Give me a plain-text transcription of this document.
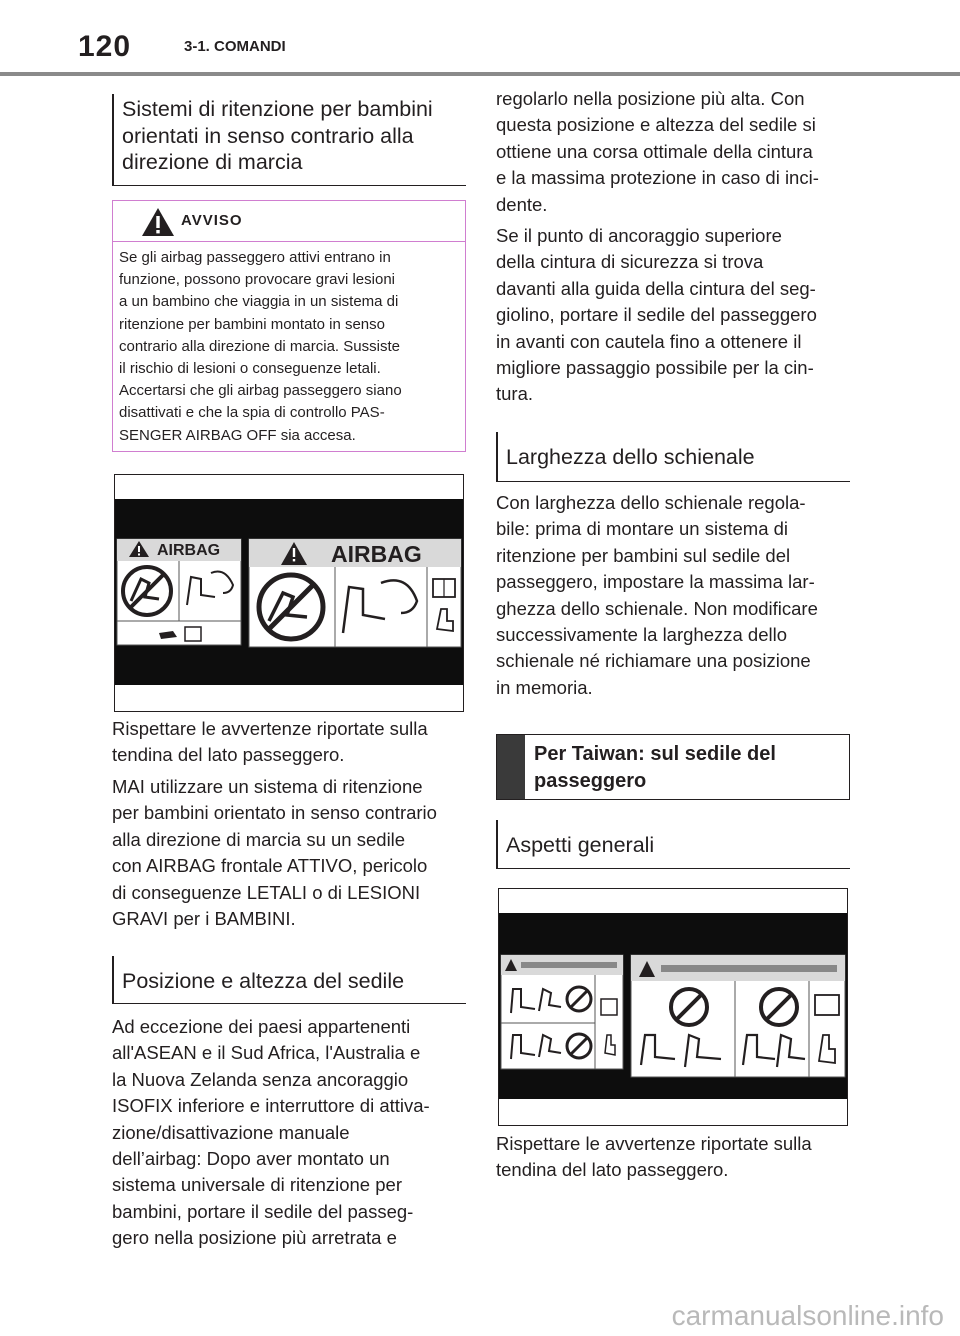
120	3-1. COMANDI
Sistemi di ritenzione per bambini
orientati in senso contrario alla
direzione di marcia
AVVISO
Se gli airbag passeggero attivi entrano in
funzione, possono provocare gravi lesioni
a un bambino che viaggia in un sistema di
ritenzione per bambini montato in senso
contrario alla direzione di marcia. Sussiste
il rischio di lesioni o conseguenze letali.
Accertarsi che gli airbag passeggero siano
disattivati e che la spia di controllo PAS-
SENGER AIRBAG OFF sia accesa.
AIRBAG	AIRBAG
Rispettare le avvertenze riportate sulla
tendina del lato passeggero.
MAI utilizzare un sistema di ritenzione
per bambini orientato in senso contrario
alla direzione di marcia su un sedile
con AIRBAG frontale ATTIVO, pericolo
di conseguenze LETALI o di LESIONI
GRAVI per i BAMBINI.
Posizione e altezza del sedile
Ad eccezione dei paesi appartenenti
all'ASEAN e il Sud Africa, l'Australia e
la Nuova Zelanda senza ancoraggio
ISOFIX inferiore e interruttore di attiva-
zione/disattivazione manuale
dell’airbag: Dopo aver montato un
sistema universale di ritenzione per
bambini, portare il sedile del passeg-
gero nella posizione più arretrata e
regolarlo nella posizione più alta. Con
questa posizione e altezza del sedile si
ottiene una corsa ottimale della cintura
e la massima protezione in caso di inci-
dente.
Se il punto di ancoraggio superiore
della cintura di sicurezza si trova
davanti alla guida della cintura del seg-
giolino, portare il sedile del passeggero
in avanti con cautela fino a ottenere il
migliore passaggio possibile per la cin-
tura.
Larghezza dello schienale
Con larghezza dello schienale regola-
bile: prima di montare un sistema di
ritenzione per bambini sul sedile del
passeggero, impostare la massima lar-
ghezza dello schienale. Non modificare
successivamente la larghezza dello
schienale né richiamare una posizione
in memoria.
Per Taiwan: sul sedile del
passeggero
Aspetti generali
Rispettare le avvertenze riportate sulla
tendina del lato passeggero.
carmanualsonline.info
